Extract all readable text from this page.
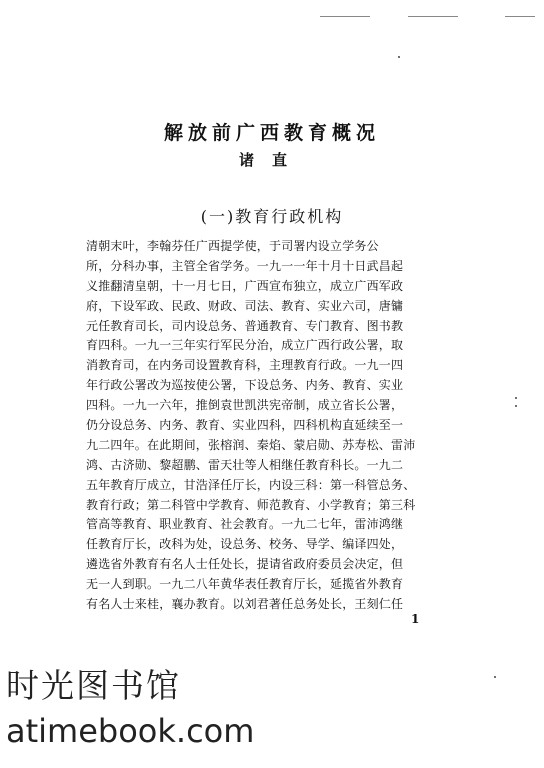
解放前广西教育概况
诸直
(一)教育行政机构
清朝末叶，李翰芬任广西提学使，于司署内设立学务公
所，分科办事，主管全省学务。一九一一年十月十日武昌起
义推翻清皇朝，十一月七日，广西宣布独立，成立广西军政
府，下设军政、民政、财政、司法、教育、实业六司，唐镛
元任教育司长，司内设总务、普通教育、专门教育、图书教
育四科。一九一三年实行军民分治，成立广西行政公署，取
消教育司，在内务司设置教育科，主理教育行政。一九一四
年行政公署改为巡按使公署，下设总务、内务、教育、实业
四科。一九一六年，推倒袁世凯洪宪帝制，成立省长公署，
仍分设总务、内务、教育、实业四科，四科机构直延续至一
九二四年。在此期间，张榕润、秦焰、蒙启勋、苏寿松、雷沛
鸿、古济勋、黎超鹏、雷天壮等人相继任教育科长。一九二
五年教育厅成立，甘浩泽任厅长，内设三科：第一科管总务、
教育行政；第二科管中学教育、师范教育、小学教育；第三科
管高等教育、职业教育、社会教育。一九二七年，雷沛鸿继
任教育厅长，改科为处，设总务、校务、导学、编译四处，
遴选省外教育有名人士任处长，提请省政府委员会决定，但
无一人到职。一九二八年黄华表任教育厅长，延揽省外教育
有名人士来桂，襄办教育。以刘君著任总务处长，王刻仁任
1
时光图书馆
atimebook.com
